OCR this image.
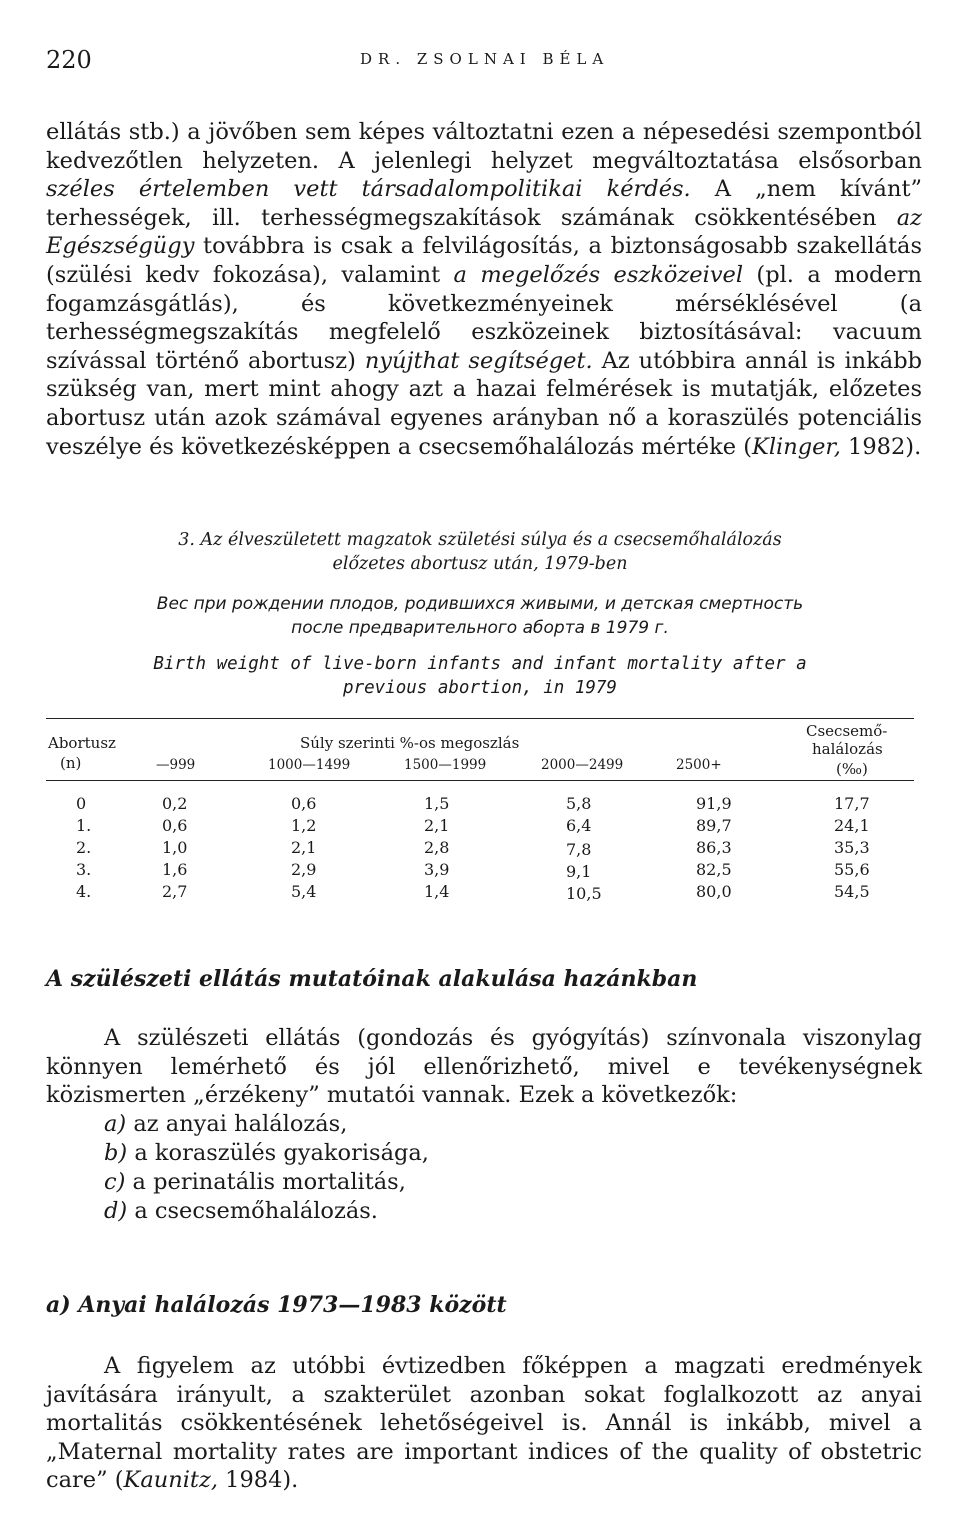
220	DR. ZSOLNAI BÉLA

ellátás stb.) a jövőben sem képes változtatni ezen a népesedési szempontból kedvezőtlen helyzeten. A jelenlegi helyzet megváltoztatása elsősorban széles értelemben vett társadalompolitikai kérdés. A „nem kívánt” terhességek, ill. terhességmegszakítások számának csökkentésében az Egészségügy továbbra is csak a felvilágosítás, a biztonságosabb szakellátás (szülési kedv fokozása), valamint a megelőzés eszközeivel (pl. a modern fogamzásgátlás), és következményeinek mérséklésével (a terhességmegszakítás megfelelő eszközeinek biztosításával: vacuum szívással történő abortusz) nyújthat segítséget. Az utóbbira annál is inkább szükség van, mert mint ahogy azt a hazai felmérések is mutatják, előzetes abortusz után azok számával egyenes arányban nő a koraszülés potenciális veszélye és következésképpen a csecsemőhalálozás mértéke (Klinger, 1982).

3. Az élveszületett magzatok születési súlya és a csecsemőhalálozás
előzetes abortusz után, 1979-ben
Вес при рождении плодов, родившихся живыми, и детская смертность
после предварительного аборта в 1979 г.
Birth weight of live-born infants and infant mortality after a
previous abortion, in 1979
Abortusz
(n)
Súly szerinti %-os megoszlás
—999	1000—1499	1500—1999	2000—2499	2500+
Csecsemő-
halálozás
(‰)
0	0,2	0,6	1,5	5,8	91,9	17,7
1.	0,6	1,2	2,1	6,4	89,7	24,1
2.	1,0	2,1	2,8	7,8	86,3	35,3
3.	1,6	2,9	3,9	9,1	82,5	55,6
4.	2,7	5,4	1,4	10,5	80,0	54,5
A szülészeti ellátás mutatóinak alakulása hazánkban

A szülészeti ellátás (gondozás és gyógyítás) színvonala viszonylag könnyen lemérhető és jól ellenőrizhető, mivel e tevékenységnek közismerten „érzékeny” mutatói vannak. Ezek a következők:

a) az anyai halálozás,
b) a koraszülés gyakorisága,
c) a perinatális mortalitás,
d) a csecsemőhalálozás.
a) Anyai halálozás 1973—1983 között

A figyelem az utóbbi évtizedben főképpen a magzati eredmények javítására irányult, a szakterület azonban sokat foglalkozott az anyai mortalitás csökkentésének lehetőségeivel is. Annál is inkább, mivel a „Maternal mortality rates are important indices of the quality of obstetric care” (Kaunitz, 1984).
